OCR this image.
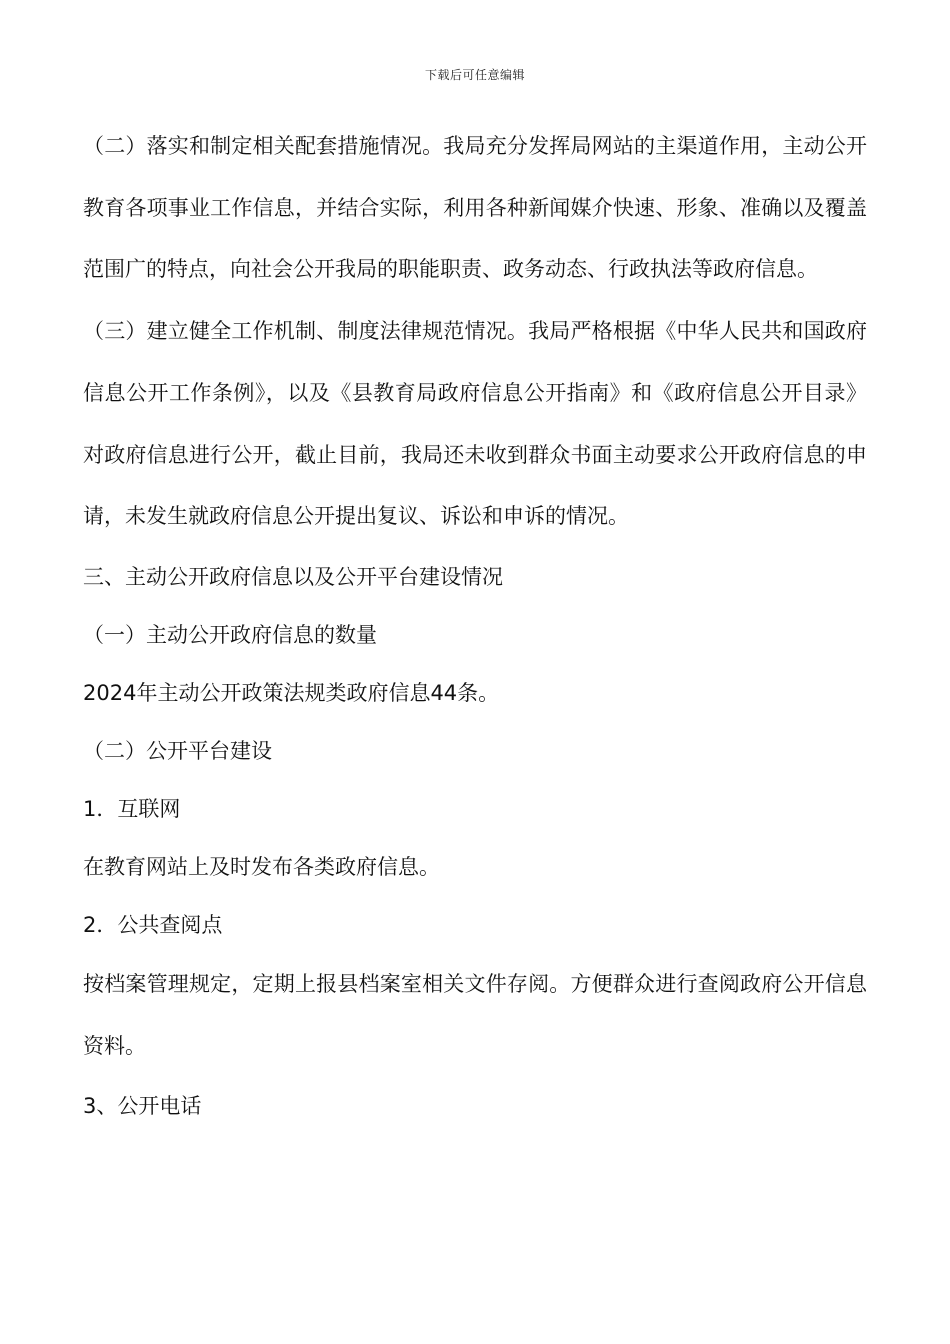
下载后可任意编辑

（二）落实和制定相关配套措施情况。我局充分发挥局网站的主渠道作用，主动公开教育各项事业工作信息，并结合实际，利用各种新闻媒介快速、形象、准确以及覆盖范围广的特点，向社会公开我局的职能职责、政务动态、行政执法等政府信息。

（三）建立健全工作机制、制度法律规范情况。我局严格根据《中华人民共和国政府信息公开工作条例》，以及《县教育局政府信息公开指南》和《政府信息公开目录》对政府信息进行公开，截止目前，我局还未收到群众书面主动要求公开政府信息的申请，未发生就政府信息公开提出复议、诉讼和申诉的情况。

三、主动公开政府信息以及公开平台建设情况

（一）主动公开政府信息的数量

2024年主动公开政策法规类政府信息44条。

（二）公开平台建设

1．互联网

在教育网站上及时发布各类政府信息。

2．公共查阅点

按档案管理规定，定期上报县档案室相关文件存阅。方便群众进行查阅政府公开信息资料。

3、公开电话
